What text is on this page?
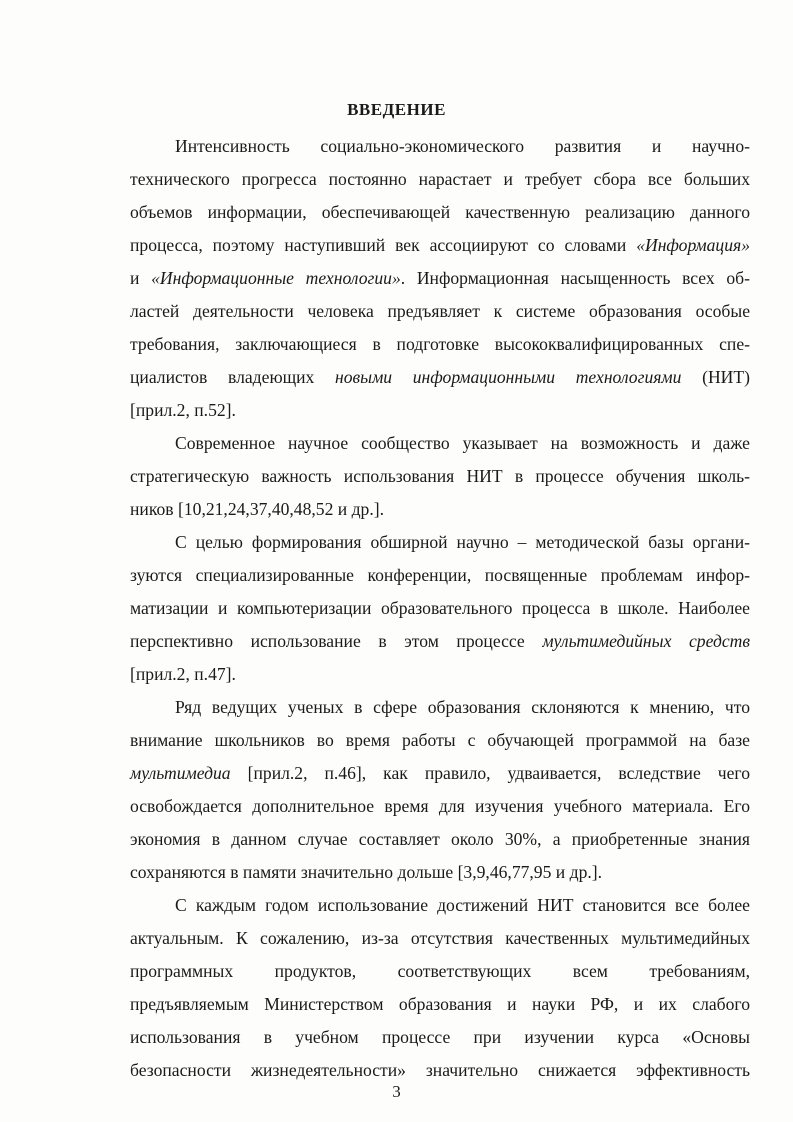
ВВЕДЕНИЕ
Интенсивность социально-экономического развития и научно-
технического прогресса постоянно нарастает и требует сбора все больших
объемов информации, обеспечивающей качественную реализацию данного
процесса, поэтому наступивший век ассоциируют со словами «Информация»
и «Информационные технологии». Информационная насыщенность всех об-
ластей деятельности человека предъявляет к системе образования особые
требования, заключающиеся в подготовке высококвалифицированных спе-
циалистов владеющих новыми информационными технологиями (НИТ)
[прил.2, п.52].
Современное научное сообщество указывает на возможность и даже
стратегическую важность использования НИТ в процессе обучения школь-
ников [10,21,24,37,40,48,52 и др.].
С целью формирования обширной научно – методической базы органи-
зуются специализированные конференции, посвященные проблемам инфор-
матизации и компьютеризации образовательного процесса в школе. Наиболее
перспективно использование в этом процессе мультимедийных средств
[прил.2, п.47].
Ряд ведущих ученых в сфере образования склоняются к мнению, что
внимание школьников во время работы с обучающей программой на базе
мультимедиа [прил.2, п.46], как правило, удваивается, вследствие чего
освобождается дополнительное время для изучения учебного материала. Его
экономия в данном случае составляет около 30%, а приобретенные знания
сохраняются в памяти значительно дольше [3,9,46,77,95 и др.].
С каждым годом использование достижений НИТ становится все более
актуальным. К сожалению, из-за отсутствия качественных мультимедийных
программных продуктов, соответствующих всем требованиям,
предъявляемым Министерством образования и науки РФ, и их слабого
использования в учебном процессе при изучении курса «Основы
безопасности жизнедеятельности» значительно снижается эффективность
3
